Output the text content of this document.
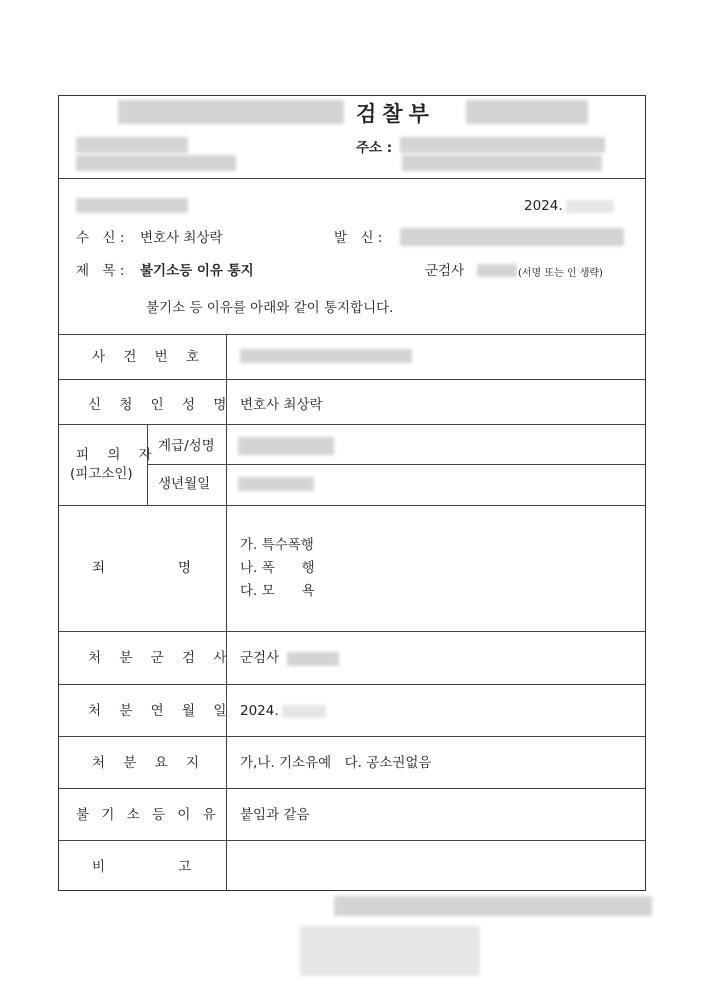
검찰부
주소 :
2024.
수　신 : 변호사 최상락	발　신 :
제　목 : 불기소등 이유 통지	군검사	(서명 또는 인 생략)
불기소 등 이유를 아래와 같이 통지합니다.
사 건 번 호
신 청 인 성 명 변호사 최상락
피 의 자
(피고소인)
계급/성명
생년월일
죄	명
가. 특수폭행
나. 폭　　행
다. 모　　욕
처 분 군 검 사 군검사
처 분 연 월 일 2024.
처 분 요 지	가,나. 기소유예　다. 공소권없음
불 기 소 등 이 유 붙임과 같음
비	고
